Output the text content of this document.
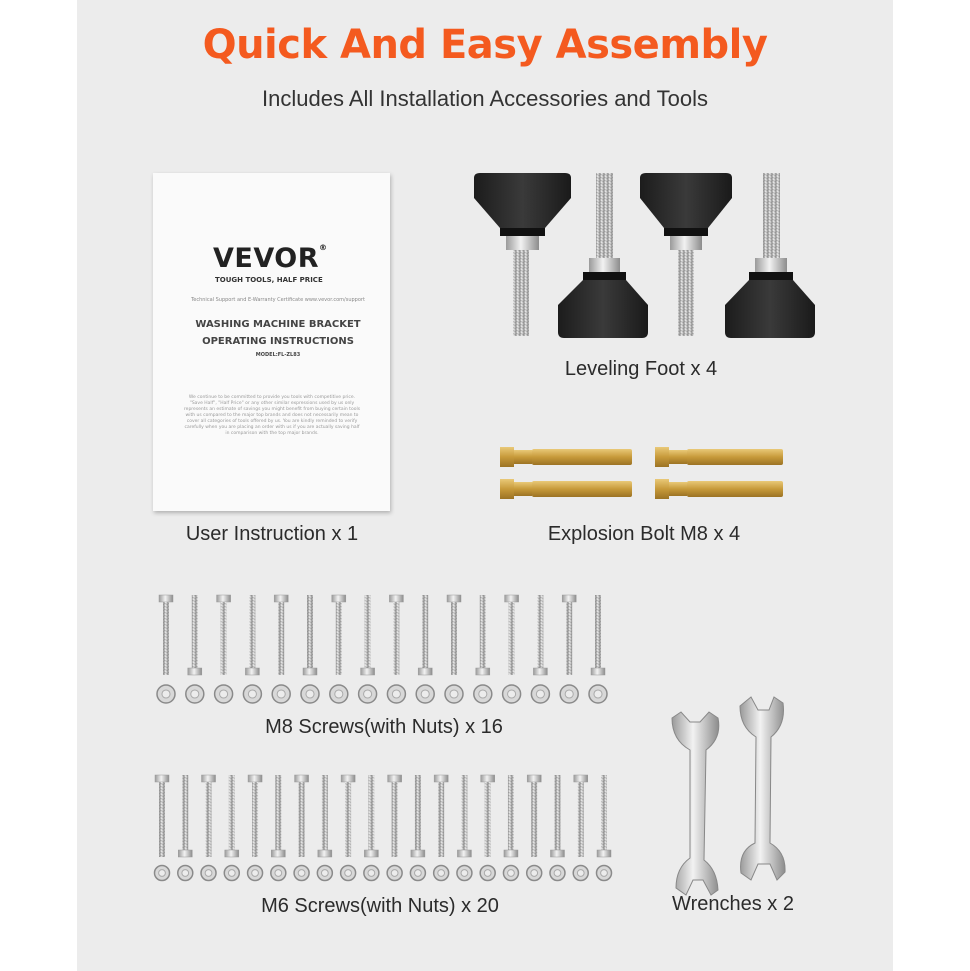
Quick And Easy Assembly
Includes All Installation Accessories and Tools
VEVOR®
TOUGH TOOLS, HALF PRICE
Technical Support and E-Warranty Certificate www.vevor.com/support
WASHING MACHINE BRACKET
OPERATING INSTRUCTIONS
MODEL:FL-ZL83
We continue to be committed to provide you tools with competitive price. "Save Half", "Half Price" or any other similar expressions used by us only represents an estimate of savings you might benefit from buying certain tools with us compared to the major top brands and does not necessarily mean to cover all categories of tools offered by us. You are kindly reminded to verify carefully when you are placing an order with us if you are actually saving half in comparison with the top major brands.
User Instruction x 1
Leveling Foot x 4
Explosion Bolt M8 x 4
M8 Screws(with Nuts) x 16
M6 Screws(with Nuts) x 20	Wrenches x 2
